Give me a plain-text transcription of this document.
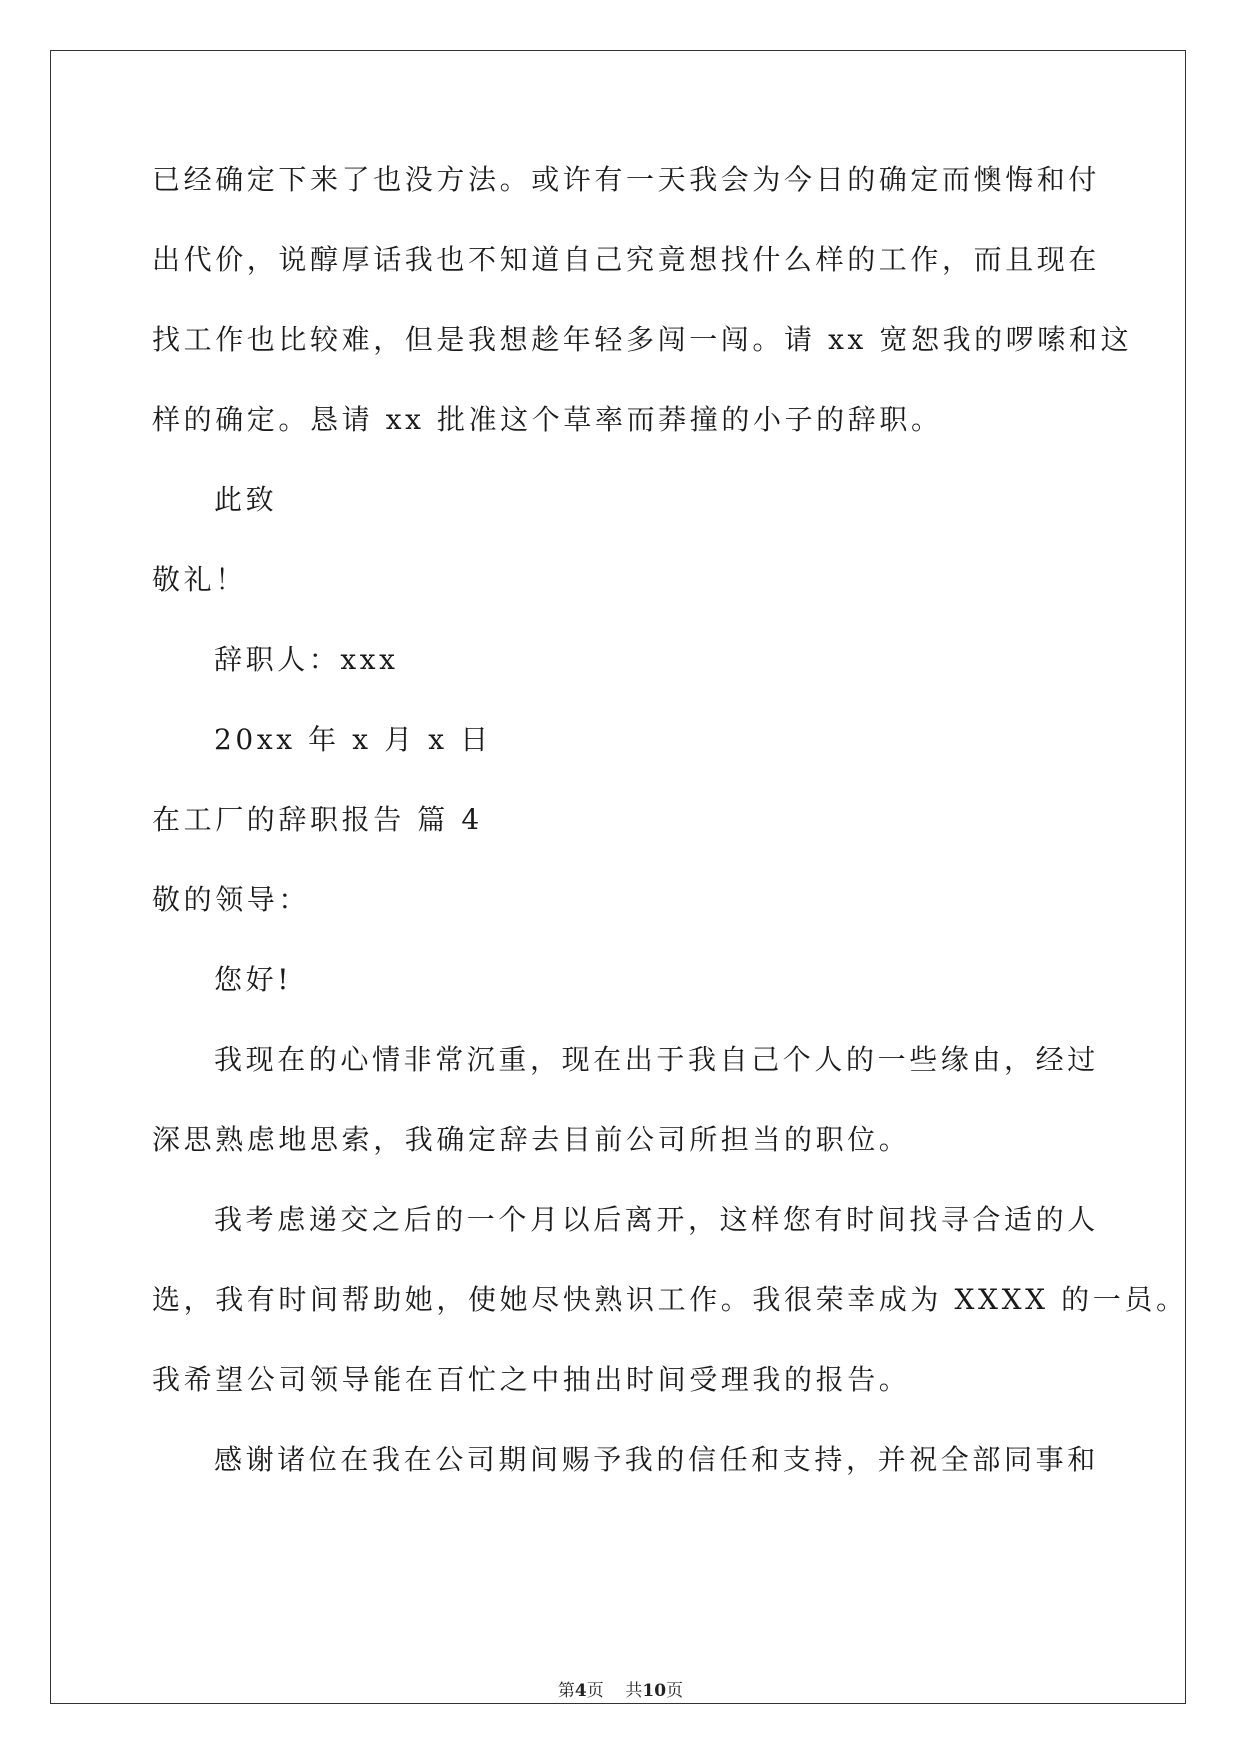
已经确定下来了也没方法。或许有一天我会为今日的确定而懊悔和付
出代价，说醇厚话我也不知道自己究竟想找什么样的工作，而且现在
找工作也比较难，但是我想趁年轻多闯一闯。请 xx 宽恕我的啰嗦和这
样的确定。恳请 xx 批准这个草率而莽撞的小子的辞职。
此致
敬礼！
辞职人：xxx
20xx 年 x 月 x 日
在工厂的辞职报告 篇 4
敬的领导：
您好!
我现在的心情非常沉重，现在出于我自己个人的一些缘由，经过
深思熟虑地思索，我确定辞去目前公司所担当的职位。
我考虑递交之后的一个月以后离开，这样您有时间找寻合适的人
选，我有时间帮助她，使她尽快熟识工作。我很荣幸成为 XXXX 的一员。
我希望公司领导能在百忙之中抽出时间受理我的报告。
感谢诸位在我在公司期间赐予我的信任和支持，并祝全部同事和
第4页 共10页
